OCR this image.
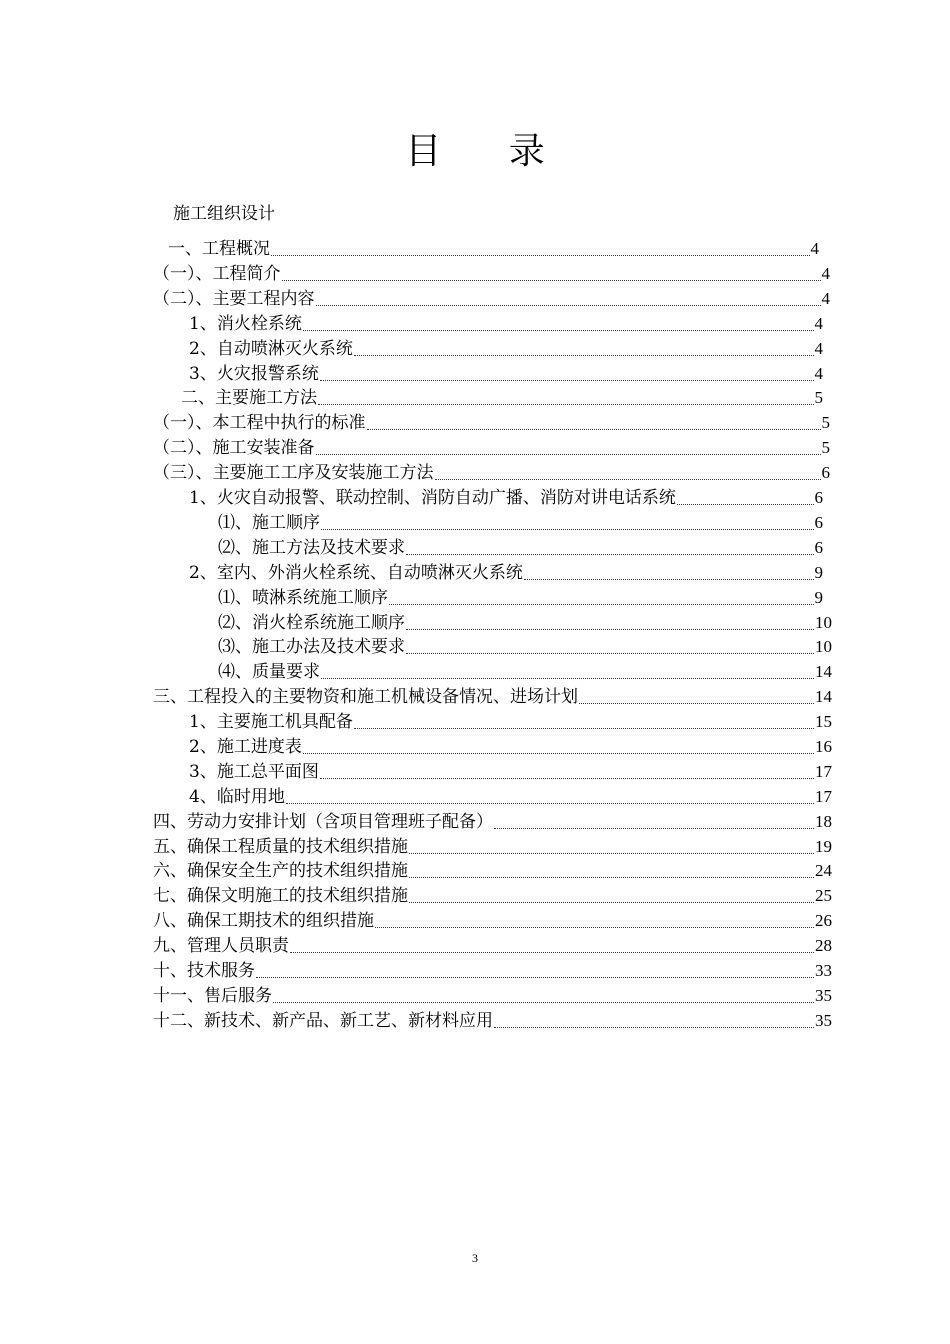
目 录
施工组织设计
一、工程概况	4
（一）、工程简介	4
（二）、主要工程内容	4
1、消火栓系统	4
2、自动喷淋灭火系统	4
3、火灾报警系统	4
二、主要施工方法	5
（一）、本工程中执行的标准	5
（二）、施工安装准备	5
（三）、主要施工工序及安装施工方法	6
1、火灾自动报警、联动控制、消防自动广播、消防对讲电话系统	6
⑴、施工顺序	6
⑵、施工方法及技术要求	6
2、室内、外消火栓系统、自动喷淋灭火系统	9
⑴、喷淋系统施工顺序	9
⑵、消火栓系统施工顺序	10
⑶、施工办法及技术要求	10
⑷、质量要求	14
三、工程投入的主要物资和施工机械设备情况、进场计划	14
1、主要施工机具配备	15
2、施工进度表	16
3、施工总平面图	17
4、临时用地	17
四、劳动力安排计划（含项目管理班子配备）	18
五、确保工程质量的技术组织措施	19
六、确保安全生产的技术组织措施	24
七、确保文明施工的技术组织措施	25
八、确保工期技术的组织措施	26
九、管理人员职责	28
十、技术服务	33
十一、售后服务	35
十二、新技术、新产品、新工艺、新材料应用	35
3
